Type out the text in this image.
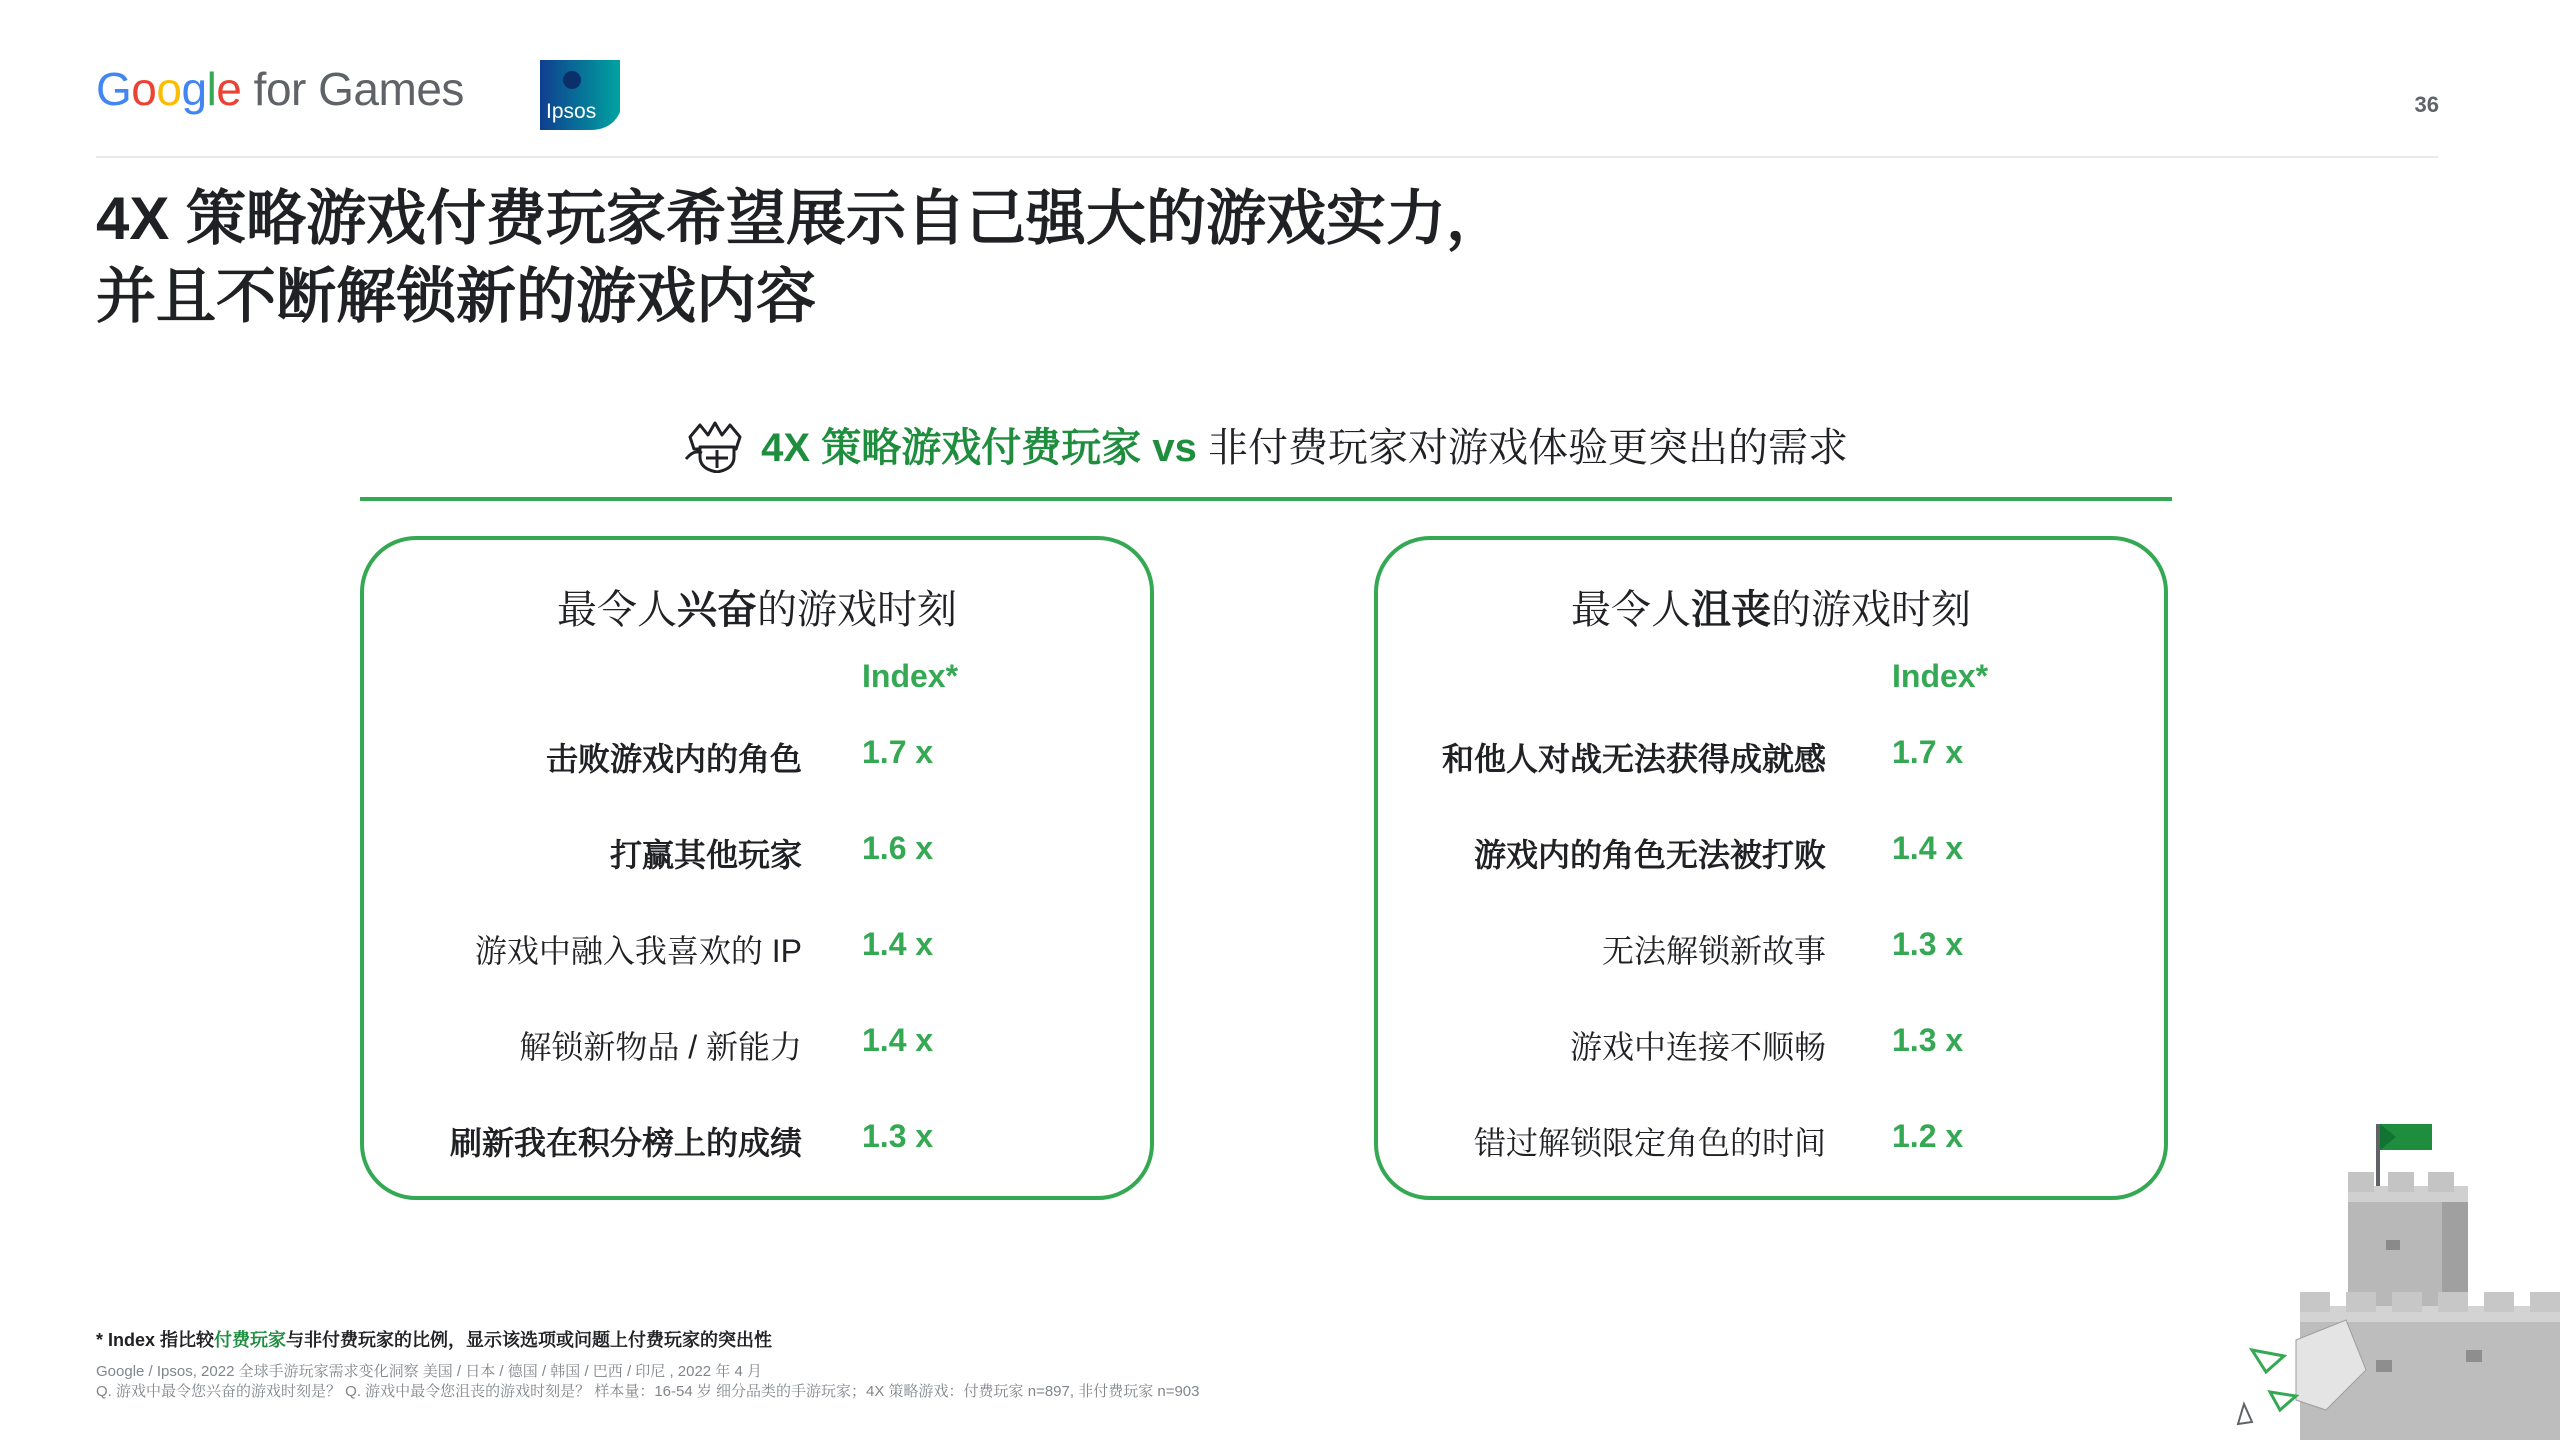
Google for Games	Ipsos	36
4X 策略游戏付费玩家希望展示自己强大的游戏实力，
并且不断解锁新的游戏内容
4X 策略游戏付费玩家 vs 非付费玩家对游戏体验更突出的需求
最令人兴奋的游戏时刻
Index*
击败游戏内的角色 1.7 x
打赢其他玩家 1.6 x
游戏中融入我喜欢的 IP 1.4 x
解锁新物品 / 新能力 1.4 x
刷新我在积分榜上的成绩 1.3 x
最令人沮丧的游戏时刻
Index*
和他人对战无法获得成就感 1.7 x
游戏内的角色无法被打败 1.4 x
无法解锁新故事 1.3 x
游戏中连接不顺畅 1.3 x
错过解锁限定角色的时间 1.2 x
* Index 指比较付费玩家与非付费玩家的比例，显示该选项或问题上付费玩家的突出性
Google / Ipsos, 2022 全球手游玩家需求变化洞察 美国 / 日本 / 德国 / 韩国 / 巴西 / 印尼 , 2022 年 4 月
Q. 游戏中最令您兴奋的游戏时刻是？ Q. 游戏中最令您沮丧的游戏时刻是？ 样本量：16-54 岁 细分品类的手游玩家；4X 策略游戏：付费玩家 n=897, 非付费玩家 n=903
